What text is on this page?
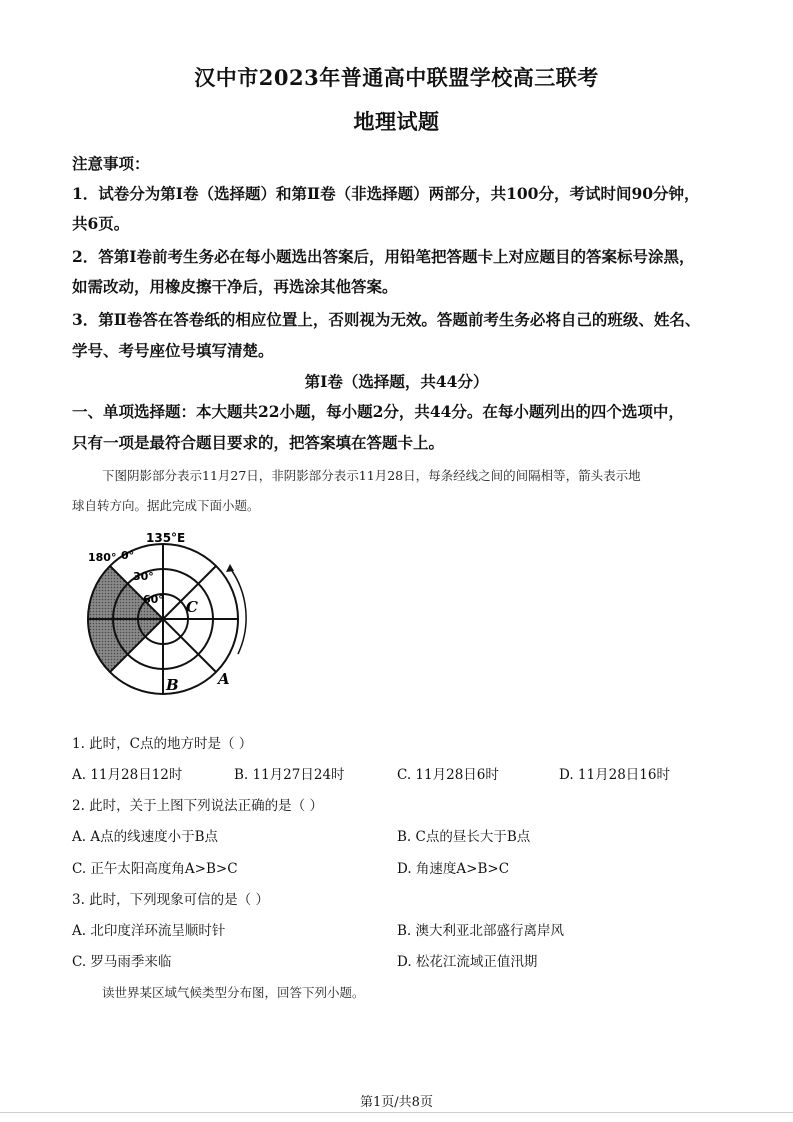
汉中市2023年普通高中联盟学校高三联考
地理试题
注意事项：
1．试卷分为第Ⅰ卷（选择题）和第Ⅱ卷（非选择题）两部分，共100分，考试时间90分钟，
共6页。
2．答第Ⅰ卷前考生务必在每小题选出答案后，用铅笔把答题卡上对应题目的答案标号涂黑，
如需改动，用橡皮擦干净后，再选涂其他答案。
3．第Ⅱ卷答在答卷纸的相应位置上，否则视为无效。答题前考生务必将自己的班级、姓名、
学号、考号座位号填写清楚。
第Ⅰ卷（选择题，共44分）
一、单项选择题：本大题共22小题，每小题2分，共44分。在每小题列出的四个选项中，
只有一项是最符合题目要求的，把答案填在答题卡上。
下图阴影部分表示11月27日，非阴影部分表示11月28日，每条经线之间的间隔相等，箭头表示地
球自转方向。据此完成下面小题。
135°E
180° 0°
30°
60° C
B	A
1. 此时，C点的地方时是（ ）
A. 11月28日12时	B. 11月27日24时	C. 11月28日6时	D. 11月28日16时
2. 此时，关于上图下列说法正确的是（ ）
A. A点的线速度小于B点	B. C点的昼长大于B点
C. 正午太阳高度角A>B>C	D. 角速度A>B>C
3. 此时，下列现象可信的是（ ）
A. 北印度洋环流呈顺时针	B. 澳大利亚北部盛行离岸风
C. 罗马雨季来临	D. 松花江流域正值汛期
读世界某区域气候类型分布图，回答下列小题。
第1页/共8页
